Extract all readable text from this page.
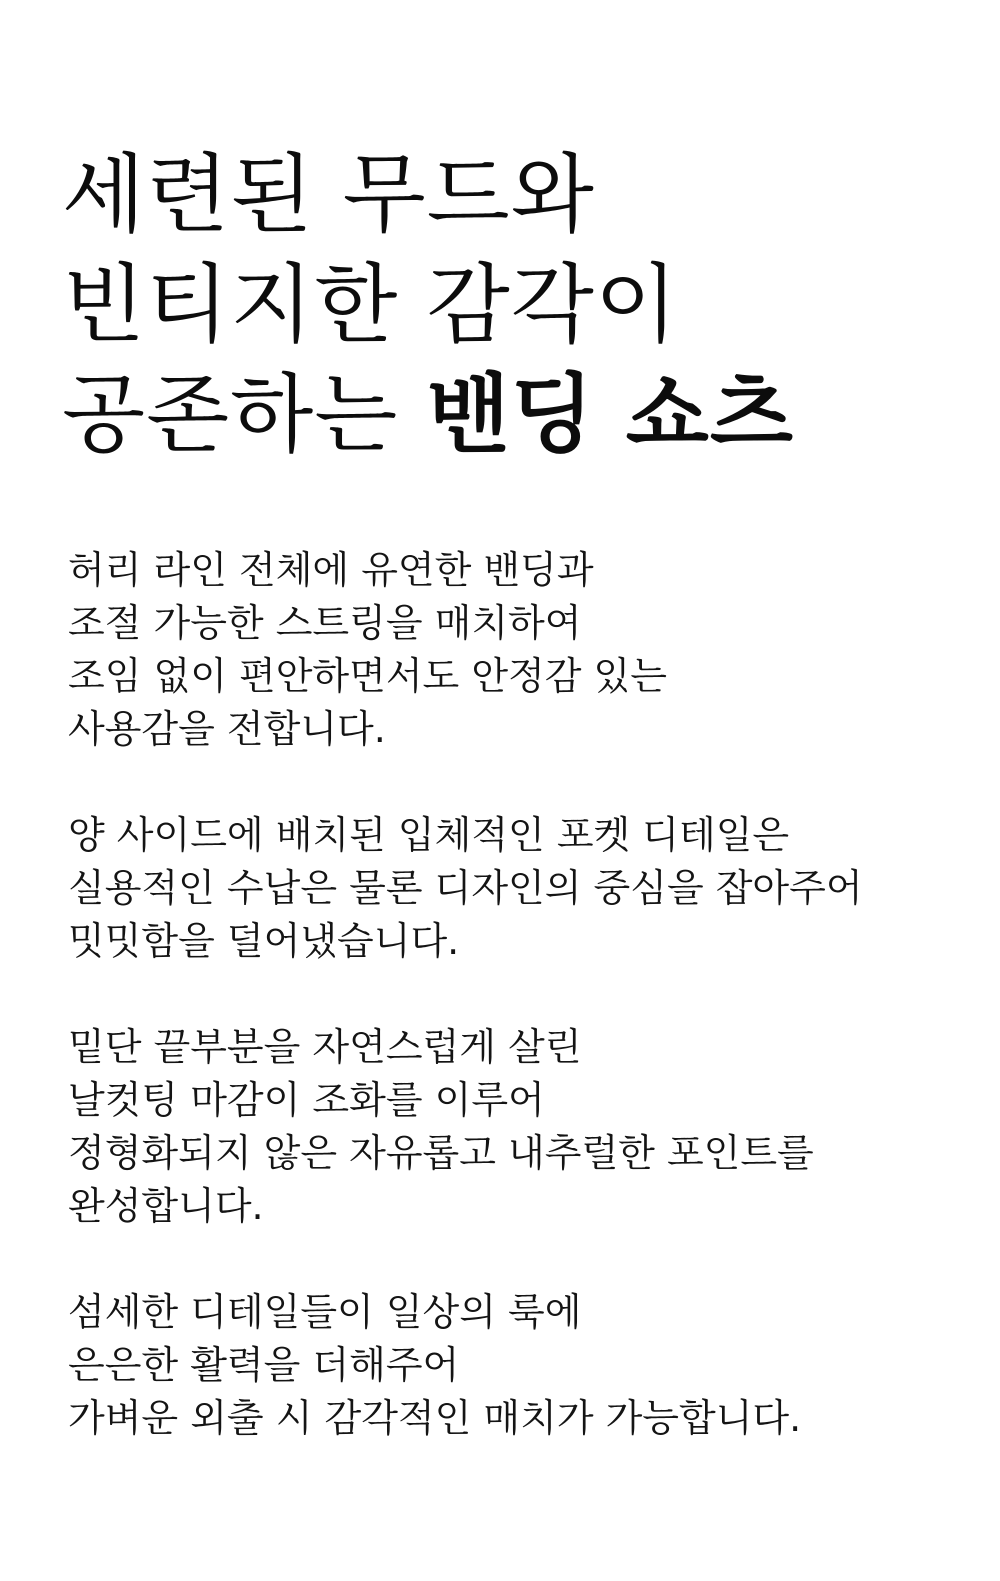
세련된 무드와
빈티지한 감각이
공존하는 밴딩 쇼츠

허리 라인 전체에 유연한 밴딩과
조절 가능한 스트링을 매치하여
조임 없이 편안하면서도 안정감 있는
사용감을 전합니다.

양 사이드에 배치된 입체적인 포켓 디테일은
실용적인 수납은 물론 디자인의 중심을 잡아주어
밋밋함을 덜어냈습니다.

밑단 끝부분을 자연스럽게 살린
날컷팅 마감이 조화를 이루어
정형화되지 않은 자유롭고 내추럴한 포인트를
완성합니다.

섬세한 디테일들이 일상의 룩에
은은한 활력을 더해주어
가벼운 외출 시 감각적인 매치가 가능합니다.
